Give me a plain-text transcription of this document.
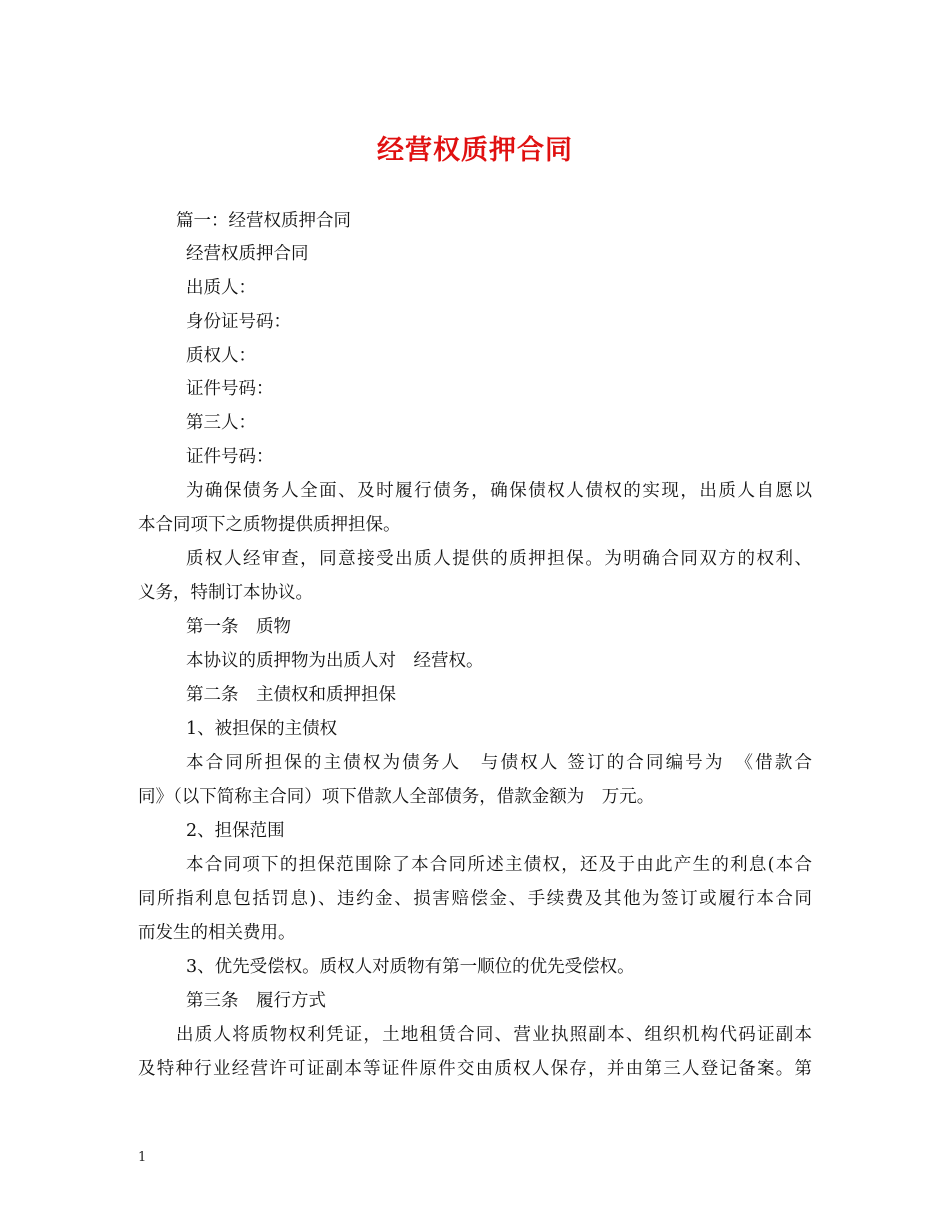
经营权质押合同

篇一：经营权质押合同

经营权质押合同

出质人：

身份证号码：

质权人：

证件号码：

第三人：

证件号码：

为确保债务人全面、及时履行债务，确保债权人债权的实现，出质人自愿以

本合同项下之质物提供质押担保。

质权人经审查，同意接受出质人提供的质押担保。为明确合同双方的权利、

义务，特制订本协议。

第一条　质物

本协议的质押物为出质人对　经营权。

第二条　主债权和质押担保

1、被担保的主债权

本合同所担保的主债权为债务人　与债权人 签订的合同编号为　《借款合

同》（以下简称主合同）项下借款人全部债务，借款金额为　万元。

2、担保范围

本合同项下的担保范围除了本合同所述主债权，还及于由此产生的利息(本合

同所指利息包括罚息)、违约金、损害赔偿金、手续费及其他为签订或履行本合同

而发生的相关费用。

3、优先受偿权。质权人对质物有第一顺位的优先受偿权。

第三条　履行方式

出质人将质物权利凭证，土地租赁合同、营业执照副本、组织机构代码证副本

及特种行业经营许可证副本等证件原件交由质权人保存，并由第三人登记备案。第

1
